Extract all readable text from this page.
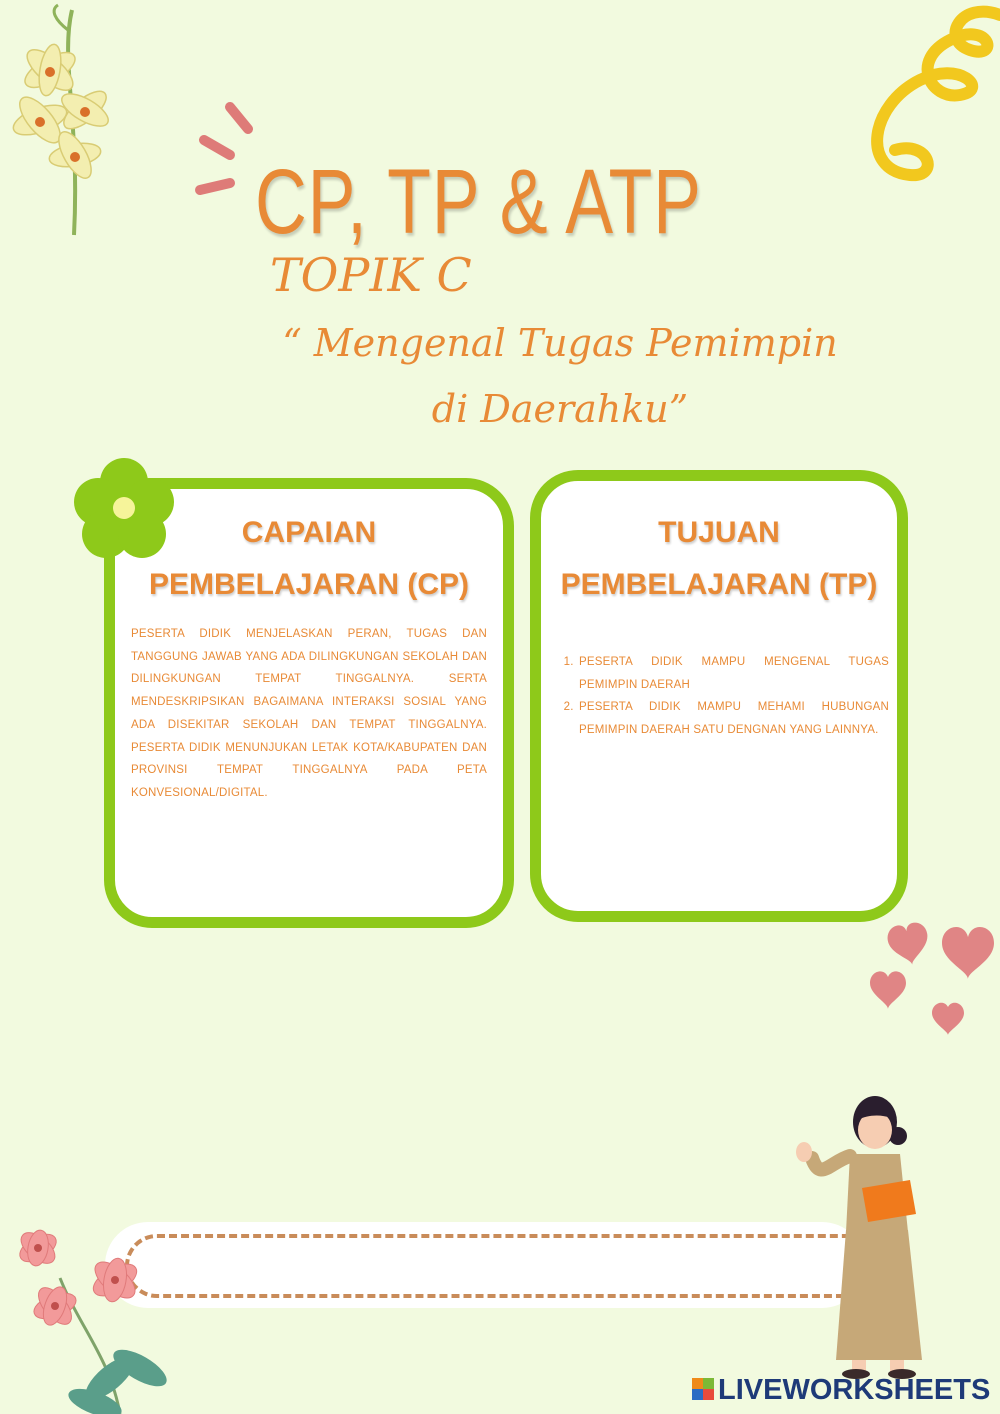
CP, TP & ATP
TOPIK C
“ Mengenal Tugas Pemimpin di Daerahku”
CAPAIAN
PEMBELAJARAN (CP)
PESERTA DIDIK MENJELASKAN PERAN, TUGAS DAN TANGGUNG JAWAB YANG ADA DILINGKUNGAN SEKOLAH DAN DILINGKUNGAN TEMPAT TINGGALNYA. SERTA MENDESKRIPSIKAN BAGAIMANA INTERAKSI SOSIAL YANG ADA DISEKITAR SEKOLAH DAN TEMPAT TINGGALNYA. PESERTA DIDIK MENUNJUKAN LETAK KOTA/KABUPATEN DAN PROVINSI TEMPAT TINGGALNYA PADA PETA KONVESIONAL/DIGITAL.
TUJUAN
PEMBELAJARAN (TP)
1. PESERTA DIDIK MAMPU MENGENAL TUGAS PEMIMPIN DAERAH
2. PESERTA DIDIK MAMPU MEHAMI HUBUNGAN PEMIMPIN DAERAH SATU DENGNAN YANG LAINNYA.
LIVEWORKSHEETS
